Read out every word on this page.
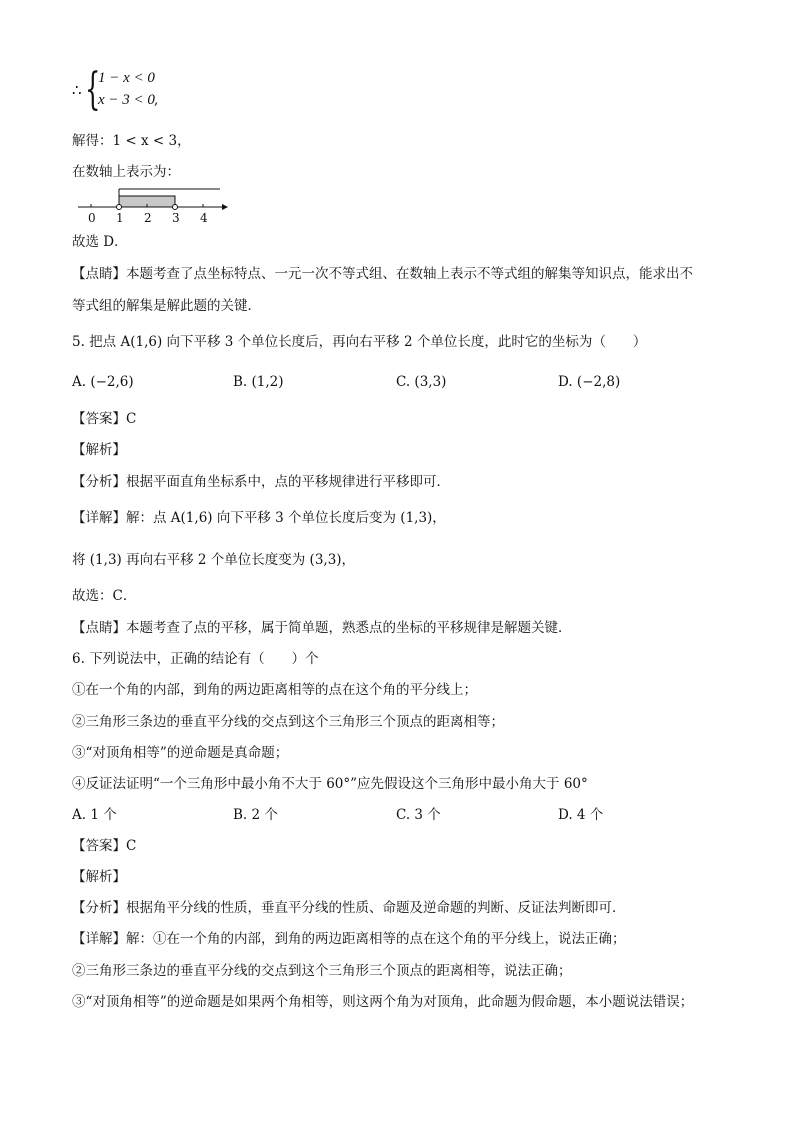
∴ {
1 − x < 0
x − 3 < 0 ,
解得：1 < x < 3，
在数轴上表示为：
0 1 2 3 4
故选 D．
【点睛】本题考查了点坐标特点、一元一次不等式组、在数轴上表示不等式组的解集等知识点，能求出不
等式组的解集是解此题的关键．
5. 把点 A(1,6) 向下平移 3 个单位长度后，再向右平移 2 个单位长度，此时它的坐标为（　　）
A. (−2,6)	B. (1,2)	C. (3,3)	D. (−2,8)
【答案】C
【解析】
【分析】根据平面直角坐标系中，点的平移规律进行平移即可．
【详解】解：点 A(1,6) 向下平移 3 个单位长度后变为 (1,3)，
将 (1,3) 再向右平移 2 个单位长度变为 (3,3)，
故选：C．
【点睛】本题考查了点的平移，属于简单题，熟悉点的坐标的平移规律是解题关键．
6. 下列说法中，正确的结论有（　　）个
①在一个角的内部，到角的两边距离相等的点在这个角的平分线上；
②三角形三条边的垂直平分线的交点到这个三角形三个顶点的距离相等；
③“对顶角相等”的逆命题是真命题；
④反证法证明“一个三角形中最小角不大于 60°”应先假设这个三角形中最小角大于 60°
A. 1 个	B. 2 个	C. 3 个	D. 4 个
【答案】C
【解析】
【分析】根据角平分线的性质，垂直平分线的性质、命题及逆命题的判断、反证法判断即可．
【详解】解：①在一个角的内部，到角的两边距离相等的点在这个角的平分线上，说法正确；
②三角形三条边的垂直平分线的交点到这个三角形三个顶点的距离相等，说法正确；
③“对顶角相等”的逆命题是如果两个角相等，则这两个角为对顶角，此命题为假命题，本小题说法错误；
